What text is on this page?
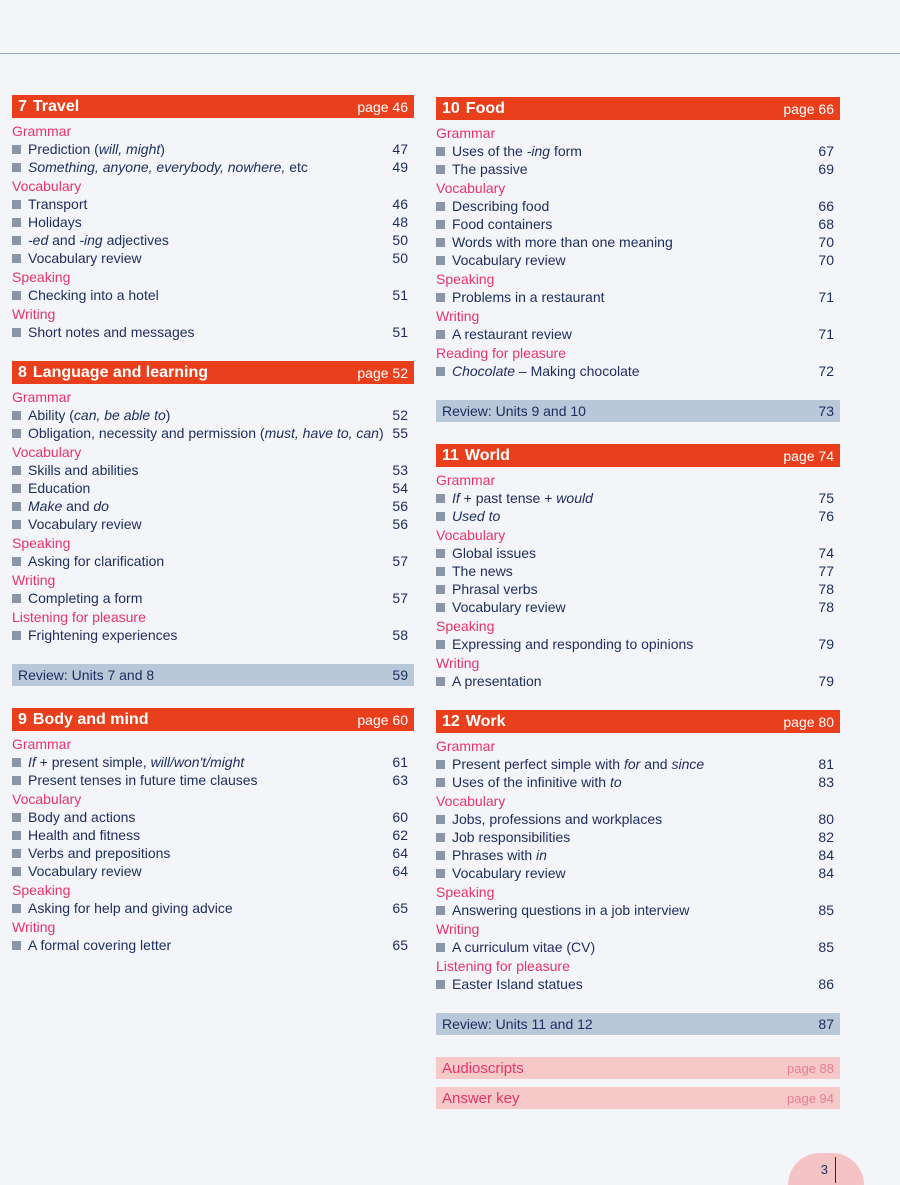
7 Travel	page 46
Grammar
Prediction (will, might)	47
Something, anyone, everybody, nowhere, etc	49
Vocabulary
Transport	46
Holidays	48
-ed and -ing adjectives	50
Vocabulary review	50
Speaking
Checking into a hotel	51
Writing
Short notes and messages	51
8 Language and learning	page 52
Grammar
Ability (can, be able to)	52
Obligation, necessity and permission (must, have to, can) 55
Vocabulary
Skills and abilities	53
Education	54
Make and do	56
Vocabulary review	56
Speaking
Asking for clarification	57
Writing
Completing a form	57
Listening for pleasure
Frightening experiences	58
Review: Units 7 and 8	59
9 Body and mind	page 60
Grammar
If + present simple, will/won't/might	61
Present tenses in future time clauses	63
Vocabulary
Body and actions	60
Health and fitness	62
Verbs and prepositions	64
Vocabulary review	64
Speaking
Asking for help and giving advice	65
Writing
A formal covering letter	65
10 Food	page 66
Grammar
Uses of the -ing form	67
The passive	69
Vocabulary
Describing food	66
Food containers	68
Words with more than one meaning	70
Vocabulary review	70
Speaking
Problems in a restaurant	71
Writing
A restaurant review	71
Reading for pleasure
Chocolate – Making chocolate	72
Review: Units 9 and 10	73
11 World	page 74
Grammar
If + past tense + would	75
Used to	76
Vocabulary
Global issues	74
The news	77
Phrasal verbs	78
Vocabulary review	78
Speaking
Expressing and responding to opinions	79
Writing
A presentation	79
12 Work	page 80
Grammar
Present perfect simple with for and since	81
Uses of the infinitive with to	83
Vocabulary
Jobs, professions and workplaces	80
Job responsibilities	82
Phrases with in	84
Vocabulary review	84
Speaking
Answering questions in a job interview	85
Writing
A curriculum vitae (CV)	85
Listening for pleasure
Easter Island statues	86
Review: Units 11 and 12	87
Audioscripts	page 88
Answer key	page 94
3
